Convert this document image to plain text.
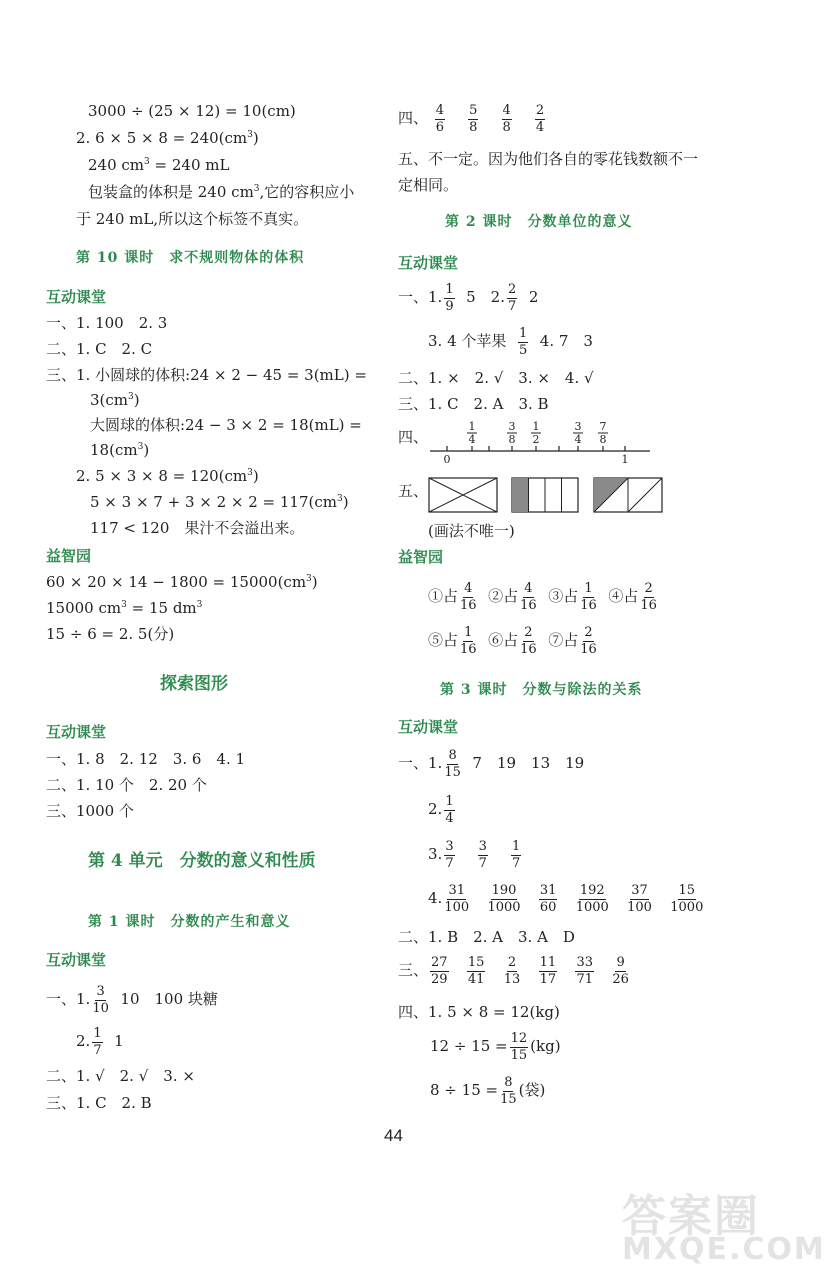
3000 ÷ (25 × 12) = 10(cm)
2. $6 \times 5 \times 8 = 240(cm^3)$
240 $cm^3 = 240$ mL
包装盒的体积是 240 $cm^3$,它的容积应小
于 240 mL,所以这个标签不真实。
第 10 课时　求不规则物体的体积
互动课堂
一、1. 100　2. 3
二、1. C　2. C
三、1. 小圆球的体积:24 × 2 − 45 = 3(mL) =
$3(cm^3)$
大圆球的体积:24 − 3 × 2 = 18(mL) =
$18(cm^3)$
2. $5 \times 3 \times 8 = 120(cm^3)$
$5 \times 3 \times 7 + 3 \times 2 \times 2 = 117(cm^3)$
117 < 120　果汁不会溢出来。
益智园
$60 \times 20 \times 14 - 1800 = 15000(cm^3)$
15000 $cm^3 = 15$ $dm^3$
15 ÷ 6 = 2. 5(分)
探索图形
互动课堂
一、1. 8　2. 12　3. 6　4. 1
二、1. 10 个　2. 20 个
三、1000 个
第 4 单元　分数的意义和性质
第 1 课时　分数的产生和意义
互动课堂
一、1. $\frac{3}{10} 10$　100 块糖
2. $\frac{1}{7} 1$
二、1. √　2. √　3. ×
三、1. C　2. B
四、 $\frac{4}{6}$
$\frac{5}{8}$
$\frac{4}{8}$
$\frac{2}{4}$
五、不一定。因为他们各自的零花钱数额不一
定相同。
第 2 课时　分数单位的意义
互动课堂
一、1. $\frac{1}{9} 5$　2. $\frac{2}{7} 2$
3. 4 个苹果 $\frac{1}{5} 4$. 7　3
二、1. ×　2. √　3. ×　4. √
三、1. C　2. A　3. B
四、
0	1
1
4
3
8
1
2
3
4
7
8
五、
(画法不唯一)
益智园
①占 $\frac{4}{16}$ ②占 $\frac{4}{16}$ ③占 $\frac{1}{16}$ ④占 $\frac{2}{16}$
⑤占 $\frac{1}{16}$ ⑥占 $\frac{2}{16}$ ⑦占 $\frac{2}{16}$
第 3 课时　分数与除法的关系
互动课堂
一、1. $\frac{8}{15} 7$　19　13　19
2. $\frac{1}{4}$
3. $\frac{3}{7}$
$\frac{3}{7}$
$\frac{1}{7}$
4. $\frac{31}{100}$
$\frac{190}{1000}$
$\frac{31}{60}$
$\frac{192}{1000}$
$\frac{37}{100}$
$\frac{15}{1000}$
二、1. B　2. A　3. A　D
三、 $\frac{27}{29}$
$\frac{15}{41}$
$\frac{2}{13}$
$\frac{11}{17}$
$\frac{33}{71}$
$\frac{9}{26}$
四、1. 5 × 8 = 12(kg)
$12 \div 15 = \frac{12}{15} (kg)$
$8 \div 15 = \frac{8}{15}$ (袋)
44
答案圈
MXQE.COM
